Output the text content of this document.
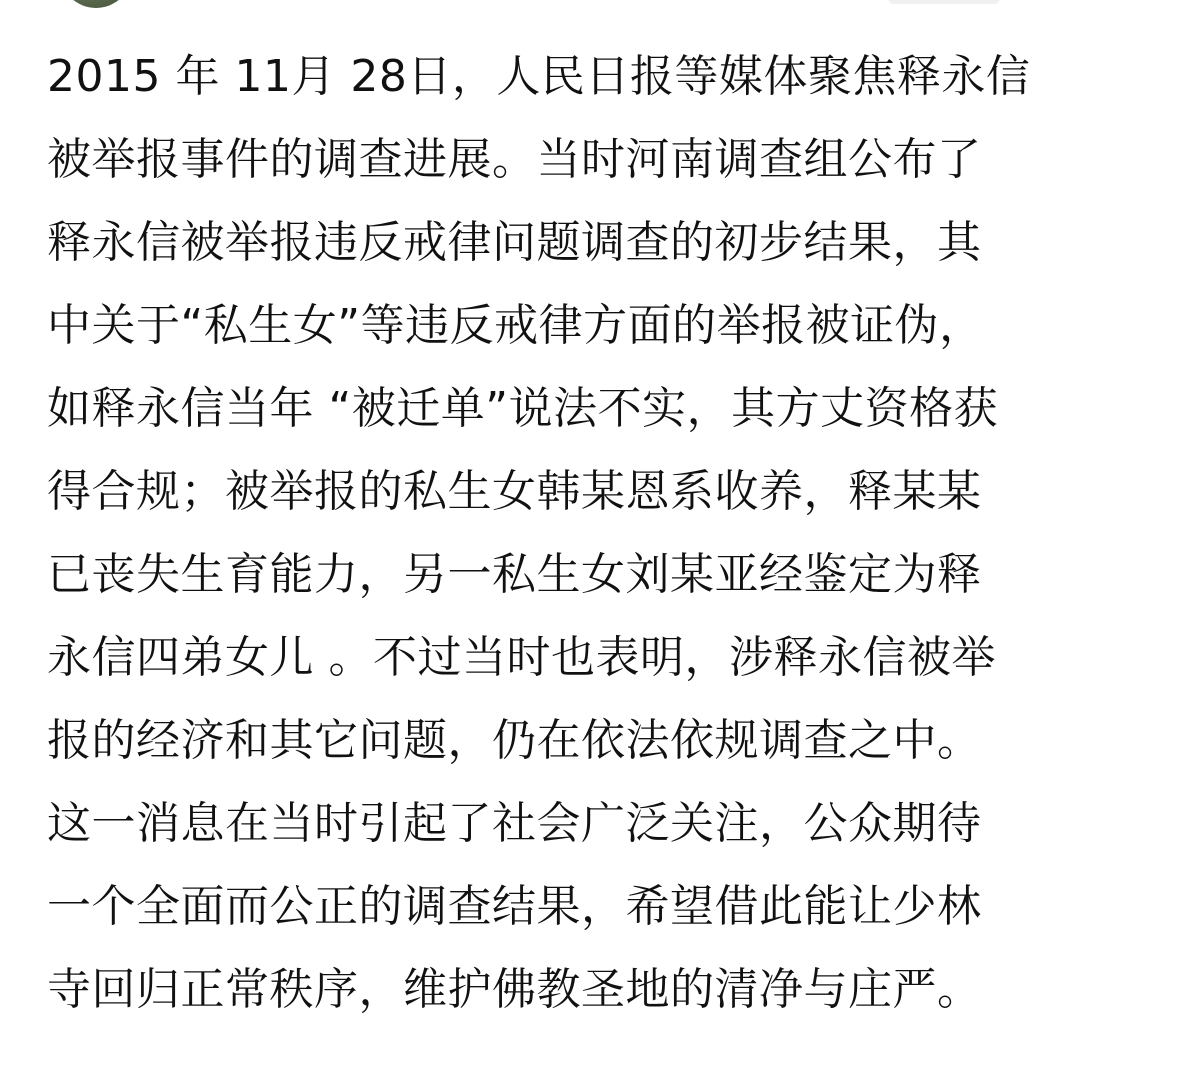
2015 年 11月 28日，人民日报等媒体聚焦释永信
被举报事件的调查进展。当时河南调查组公布了
释永信被举报违反戒律问题调查的初步结果，其
中关于“私生女”等违反戒律方面的举报被证伪，
如释永信当年 “被迁单”说法不实，其方丈资格获
得合规；被举报的私生女韩某恩系收养，释某某
已丧失生育能力，另一私生女刘某亚经鉴定为释
永信四弟女儿 。不过当时也表明，涉释永信被举
报的经济和其它问题，仍在依法依规调查之中。
这一消息在当时引起了社会广泛关注，公众期待
一个全面而公正的调查结果，希望借此能让少林
寺回归正常秩序，维护佛教圣地的清净与庄严。
